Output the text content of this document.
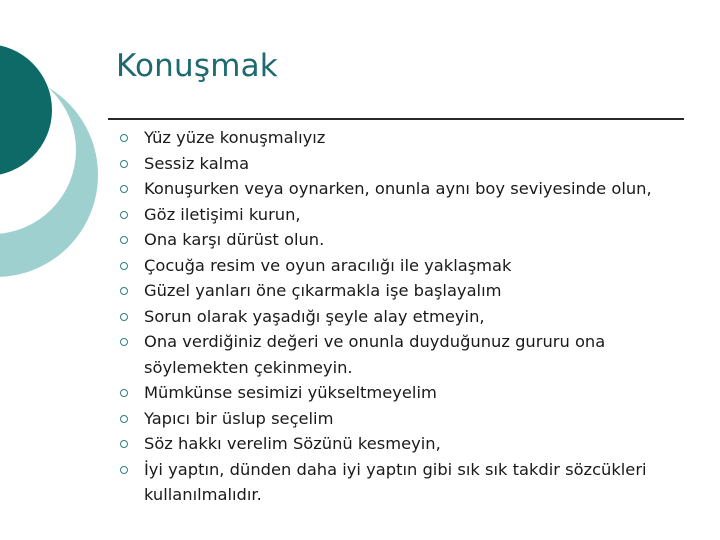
Konuşmak
Yüz yüze konuşmalıyız
Sessiz kalma
Konuşurken veya oynarken, onunla aynı boy seviyesinde olun,
Göz iletişimi kurun,
Ona karşı dürüst olun.
Çocuğa resim ve oyun aracılığı ile yaklaşmak
Güzel yanları öne çıkarmakla işe başlayalım
Sorun olarak yaşadığı şeyle alay etmeyin,
Ona verdiğiniz değeri ve onunla duyduğunuz gururu ona söylemekten çekinmeyin.
Mümkünse sesimizi yükseltmeyelim
Yapıcı bir üslup seçelim
Söz hakkı verelim Sözünü kesmeyin,
İyi yaptın, dünden daha iyi yaptın gibi sık sık takdir sözcükleri kullanılmalıdır.
